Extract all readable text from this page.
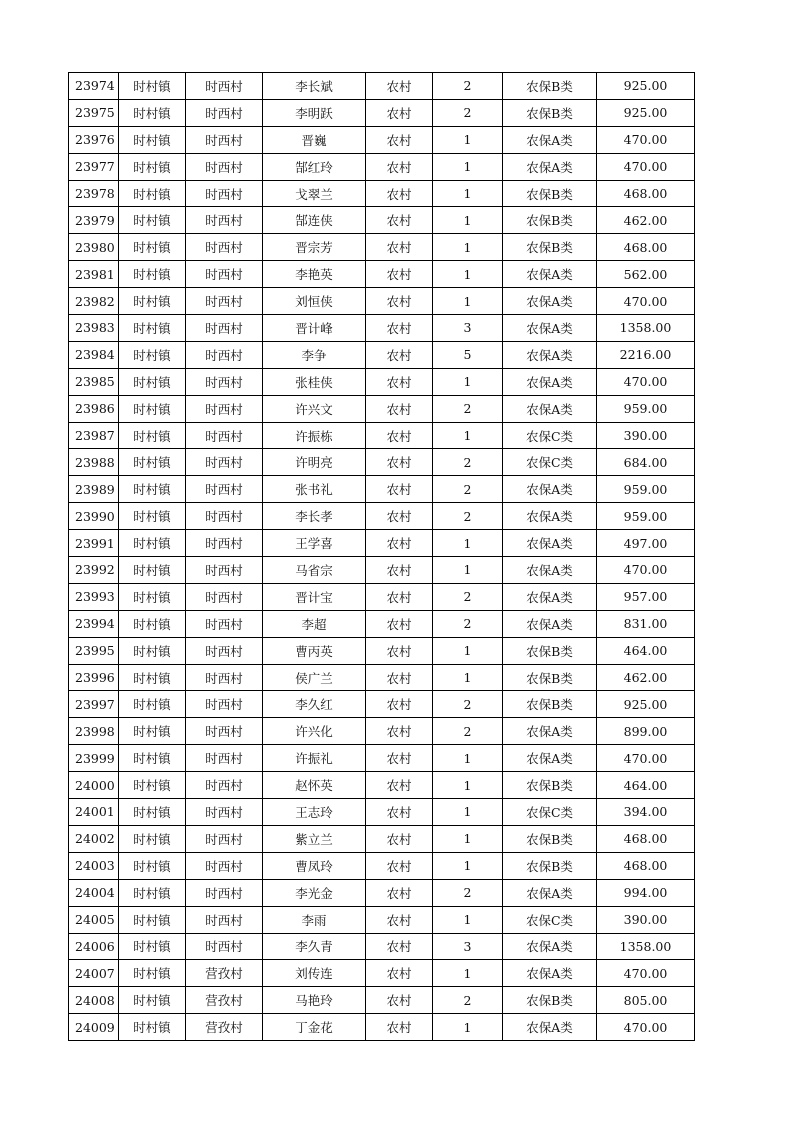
23974	时村镇	时西村	李长斌	农村	2	农保B类	925.00
23975	时村镇	时西村	李明跃	农村	2	农保B类	925.00
23976	时村镇	时西村	晋巍	农村	1	农保A类	470.00
23977	时村镇	时西村	郜红玲	农村	1	农保A类	470.00
23978	时村镇	时西村	戈翠兰	农村	1	农保B类	468.00
23979	时村镇	时西村	郜连侠	农村	1	农保B类	462.00
23980	时村镇	时西村	晋宗芳	农村	1	农保B类	468.00
23981	时村镇	时西村	李艳英	农村	1	农保A类	562.00
23982	时村镇	时西村	刘恒侠	农村	1	农保A类	470.00
23983	时村镇	时西村	晋计峰	农村	3	农保A类	1358.00
23984	时村镇	时西村	李争	农村	5	农保A类	2216.00
23985	时村镇	时西村	张桂侠	农村	1	农保A类	470.00
23986	时村镇	时西村	许兴文	农村	2	农保A类	959.00
23987	时村镇	时西村	许振栋	农村	1	农保C类	390.00
23988	时村镇	时西村	许明亮	农村	2	农保C类	684.00
23989	时村镇	时西村	张书礼	农村	2	农保A类	959.00
23990	时村镇	时西村	李长孝	农村	2	农保A类	959.00
23991	时村镇	时西村	王学喜	农村	1	农保A类	497.00
23992	时村镇	时西村	马省宗	农村	1	农保A类	470.00
23993	时村镇	时西村	晋计宝	农村	2	农保A类	957.00
23994	时村镇	时西村	李超	农村	2	农保A类	831.00
23995	时村镇	时西村	曹丙英	农村	1	农保B类	464.00
23996	时村镇	时西村	侯广兰	农村	1	农保B类	462.00
23997	时村镇	时西村	李久红	农村	2	农保B类	925.00
23998	时村镇	时西村	许兴化	农村	2	农保A类	899.00
23999	时村镇	时西村	许振礼	农村	1	农保A类	470.00
24000	时村镇	时西村	赵怀英	农村	1	农保B类	464.00
24001	时村镇	时西村	王志玲	农村	1	农保C类	394.00
24002	时村镇	时西村	紫立兰	农村	1	农保B类	468.00
24003	时村镇	时西村	曹凤玲	农村	1	农保B类	468.00
24004	时村镇	时西村	李光金	农村	2	农保A类	994.00
24005	时村镇	时西村	李雨	农村	1	农保C类	390.00
24006	时村镇	时西村	李久青	农村	3	农保A类	1358.00
24007	时村镇	营孜村	刘传连	农村	1	农保A类	470.00
24008	时村镇	营孜村	马艳玲	农村	2	农保B类	805.00
24009	时村镇	营孜村	丁金花	农村	1	农保A类	470.00
